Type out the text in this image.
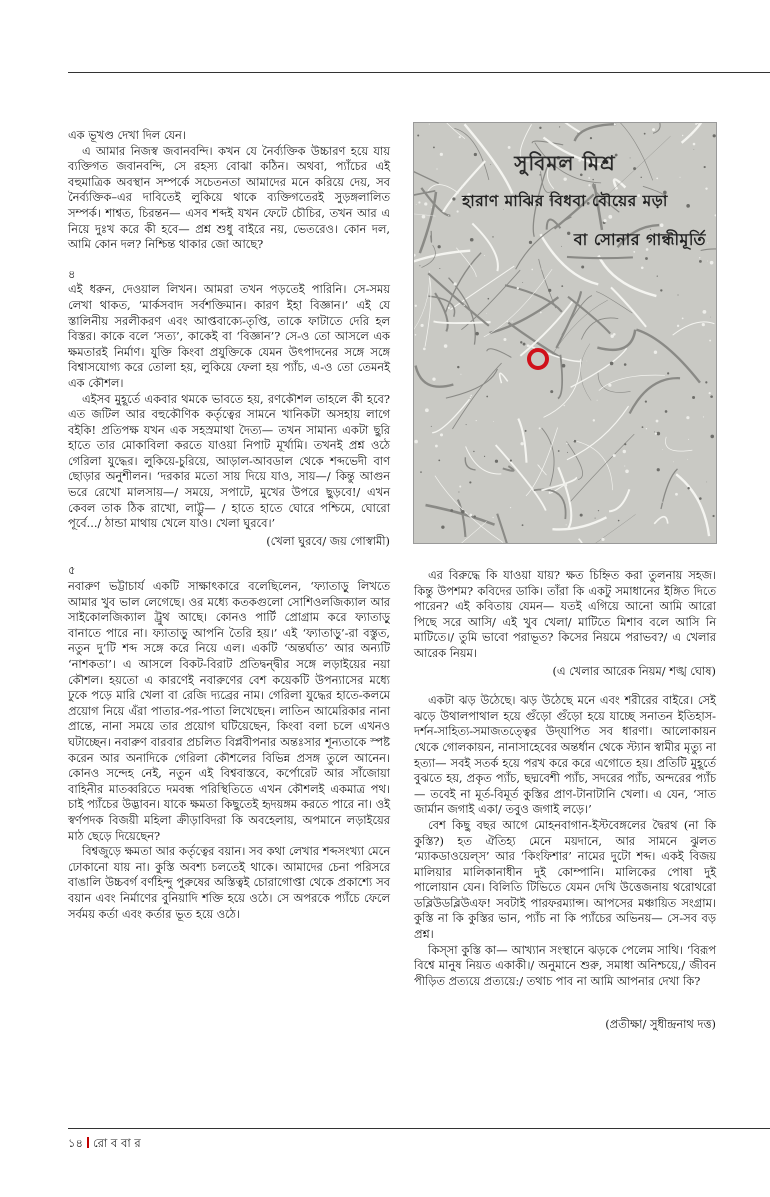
এক ভূখণ্ড দেখা দিল যেন।

এ আমার নিজস্ব জবানবন্দি। কখন যে নৈর্ব্যক্তিক উচ্চারণ হয়ে যায় ব্যক্তিগত জবানবন্দি, সে রহস্য বোঝা কঠিন। অথবা, প্যাঁচের এই বহুমাত্রিক অবস্থান সম্পর্কে সচেতনতা আমাদের মনে করিয়ে দেয়, সব নৈর্ব্যক্তিক–এর দাবিতেই লুকিয়ে থাকে ব্যক্তিগতেরই সুড়ঙ্গলালিত সম্পর্ক। শাশ্বত, চিরন্তন— এসব শব্দই যখন ফেটে চৌচির, তখন আর এ নিয়ে দুঃখ করে কী হবে— প্রশ্ন শুধু বাইরে নয়, ভেতরেও। কোন দল, আমি কোন দল? নিশ্চিন্ত থাকার জো আছে?

৪

এই ধরুন, দেওয়াল লিখন। আমরা তখন পড়তেই পারিনি। সে-সময় লেখা থাকত, ‘মার্কসবাদ সর্বশক্তিমান। কারণ ইহা বিজ্ঞান।’ এই যে স্তালিনীয় সরলীকরণ এবং আপ্তবাক্যে-তৃপ্তি, তাকে ফাটাতে দেরি হল বিস্তর। কাকে বলে ‘সত্য’, কাকেই বা ‘বিজ্ঞান’? সে-ও তো আসলে এক ক্ষমতারই নির্মাণ। যুক্তি কিংবা প্রযুক্তিকে যেমন উৎপাদনের সঙ্গে সঙ্গে বিশ্বাসযোগ্য করে তোলা হয়, লুকিয়ে ফেলা হয় প্যাঁচ, এ-ও তো তেমনই এক কৌশল।

এইসব মুহূর্তে একবার থমকে ভাবতে হয়, রণকৌশল তাহলে কী হবে? এত জটিল আর বহুকৌণিক কর্তৃত্বের সামনে খানিকটা অসহায় লাগে বইকি! প্রতিপক্ষ যখন এক সহস্রমাথা দৈত্য— তখন সামান্য একটা ছুরি হাতে তার মোকাবিলা করতে যাওয়া নিপাট মূর্খামি। তখনই প্রশ্ন ওঠে গেরিলা যুদ্ধের। লুকিয়ে-চুরিয়ে, আড়াল-আবডাল থেকে শব্দভেদী বাণ ছোড়ার অনুশীলন। ‘দরকার মতো সায় দিয়ে যাও, সায়—/ কিন্তু আগুন ভরে রেখো মালসায়—/ সময়ে, সপাটে, মুখের উপরে ছুড়বে!/ এখন কেবল তাক ঠিক রাখো, লাট্টু— / হাতে হাতে ঘোরে পশ্চিমে, ঘোরো পূর্বে.../ ঠান্ডা মাথায় খেলে যাও। খেলা ঘুরবে।’

(খেলা ঘুরবে/ জয় গোস্বামী)

৫

নবারুণ ভট্টাচার্য একটি সাক্ষাৎকারে বলেছিলেন, ‘ফ্যাতাড়ু লিখতে আমার খুব ভাল লেগেছে। ওর মধ্যে কতকগুলো সোশিওলজিক্যাল আর সাইকোলজিক্যাল ট্রুথ আছে। কোনও পার্টি প্রোগ্রাম করে ফ্যাতাড়ু বানাতে পারে না। ফ্যাতাড়ু আপনি তৈরি হয়।’ এই ‘ফ্যাতাড়ু’-রা বস্তুত, নতুন দু’টি শব্দ সঙ্গে করে নিয়ে এল। একটি ‘অন্তর্ঘাত’ আর অন্যটি ‘নাশকতা’। এ আসলে বিকট-বিরাট প্রতিদ্বন্দ্বীর সঙ্গে লড়াইয়ের নয়া কৌশল। হয়তো এ কারণেই নবারুণের বেশ কয়েকটি উপন্যাসের মধ্যে ঢুকে পড়ে মারি খেলা বা রেজি দ্যব্রের নাম। গেরিলা যুদ্ধের হাতে-কলমে প্রয়োগ নিয়ে এঁরা পাতার-পর-পাতা লিখেছেন। লাতিন আমেরিকার নানা প্রান্তে, নানা সময়ে তার প্রয়োগ ঘটিয়েছেন, কিংবা বলা চলে এখনও ঘটাচ্ছেন। নবারুণ বারবার প্রচলিত বিপ্লবীপনার অন্তঃসার শূন্যতাকে স্পষ্ট করেন আর অনাদিকে গেরিলা কৌশলের বিভিন্ন প্রসঙ্গ তুলে আনেন। কোনও সন্দেহ নেই, নতুন এই বিশ্ববাস্তবে, কর্পোরেট আর সাঁজোয়া বাহিনীর মাতব্বরিতে দমবন্ধ পরিস্থিতিতে এখন কৌশলই একমাত্র পথ। চাই প্যাঁচের উদ্ভাবন। যাকে ক্ষমতা কিছুতেই হৃদয়ঙ্গম করতে পারে না। ওই স্বর্ণপদক বিজয়ী মহিলা ক্রীড়াবিদরা কি অবহেলায়, অপমানে লড়াইয়ের মাঠ ছেড়ে দিয়েছেন?

বিশ্বজুড়ে ক্ষমতা আর কর্তৃত্বের বয়ান। সব কথা লেখার শব্দসংখ্যা মেনে ঢোকানো যায় না। কুস্তি অবশ্য চলতেই থাকে। আমাদের চেনা পরিসরে বাঙালি উচ্চবর্গ বর্ণহিন্দু পুরুষের অস্তিত্বই চোরাগোপ্তা থেকে প্রকাশ্যে সব বয়ান এবং নির্মাণের বুনিয়াদি শক্তি হয়ে ওঠে। সে অপরকে প্যাঁচে ফেলে সর্বময় কর্তা এবং কর্তার ভূত হয়ে ওঠে।

সুবিমল মিশ্র
হারাণ মাঝির বিধবা বৌয়ের মড়া
বা সোনার গান্ধীমূর্তি

এর বিরুদ্ধে কি যাওয়া যায়? ক্ষত চিহ্নিত করা তুলনায় সহজ। কিন্তু উপশম? কবিদের ডাকি। তাঁরা কি একটু সমাধানের ইঙ্গিত দিতে পারেন? এই কবিতায় যেমন— যতই এগিয়ে আনো আমি আরো পিছে সরে আসি/ এই খুব খেলা/ মাটিতে মিশাব বলে আসি নি মাটিতে।/ তুমি ভাবো পরাভূত? কিসের নিয়মে পরাভব?/ এ খেলার আরেক নিয়ম।

(এ খেলার আরেক নিয়ম/ শঙ্খ ঘোষ)

একটা ঝড় উঠেছে। ঝড় উঠেছে মনে এবং শরীরের বাইরে। সেই ঝড়ে উথালপাথাল হয়ে গুঁড়ো গুঁড়ো হয়ে যাচ্ছে সনাতন ইতিহাস-দর্শন-সাহিত্য-সমাজতত্ত্বের উদ্‌যাপিত সব ধারণা। আলোকায়ন থেকে গোলকায়ন, নানাসাহেবের অন্তর্ধান থেকে স্ট্যান স্বামীর মৃত্যু না হত্যা— সবই সতর্ক হয়ে পরখ করে করে এগোতে হয়। প্রতিটি মুহূর্তে বুঝতে হয়, প্রকৃত প্যাঁচ, ছদ্মবেশী প্যাঁচ, সদরের প্যাঁচ, অন্দরের প্যাঁচ— তবেই না মূর্ত-বিমূর্ত কুস্তির প্রাণ-টানাটানি খেলা। এ যেন, ‘সাত জার্মান জগাই একা/ তবুও জগাই লড়ে।’

বেশ কিছু বছর আগে মোহনবাগান-ইস্টবেঙ্গলের দ্বৈরথ (না কি কুস্তি?) হত ঐতিহ্য মেনে ময়দানে, আর সামনে ঝুলত ‘ম্যাকডাওয়েল্‌স’ আর ‘কিংফিশার’ নামের দুটো শব্দ। একই বিজয় মালিয়ার মালিকানাধীন দুই কোম্পানি। মালিকের পোষা দুই পালোয়ান যেন। বিলিতি টিভিতে যেমন দেখি উত্তেজনায় থরোথরো ডব্লিউডব্লিউএফ! সবটাই পারফরম্যান্স। আপসের মঞ্চায়িত সংগ্রাম। কুস্তি না কি কুস্তির ভান, প্যাঁচ না কি প্যাঁচের অভিনয়— সে-সব বড় প্রশ্ন।

কিস্‌সা কুস্তি কা— আখ্যান সংস্থানে ঝড়কে পেলেম সাথি। ‘বিরূপ বিশ্বে মানুষ নিয়ত একাকী।/ অনুমানে শুরু, সমাধা অনিশ্চয়ে,/ জীবন পীড়িত প্রত্যয়ে প্রত্যয়ে:/ তথাচ পাব না আমি আপনার দেখা কি?

(প্রতীক্ষা/ সুধীন্দ্রনাথ দত্ত)

১৪ রো ব বা র
